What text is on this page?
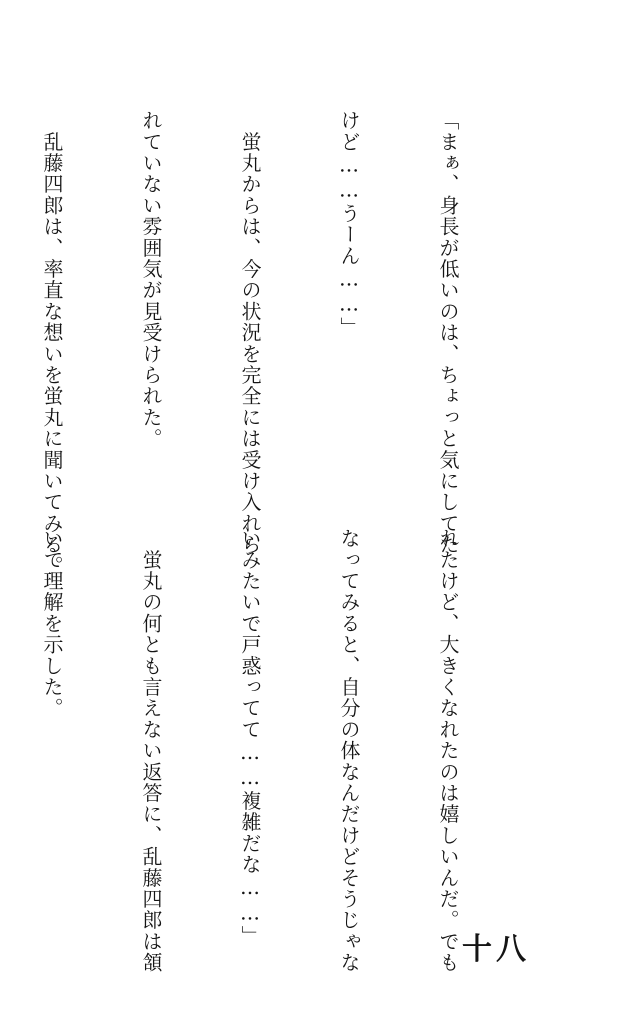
「まぁ、身長が低いのは、ちょっと気にしてた

けど……うーん……」

　蛍丸からは、今の状況を完全には受け入れら

れていない雰囲気が見受けられた。

　乱藤四郎は、率直な想いを蛍丸に聞いてみる。

れたけど、大きくなれたのは嬉しいんだ。でも

なってみると、自分の体なんだけどそうじゃな

いみたいで戸惑ってて……複雑だな……」

　蛍丸の何とも言えない返答に、乱藤四郎は頷

いて理解を示した。

十八
